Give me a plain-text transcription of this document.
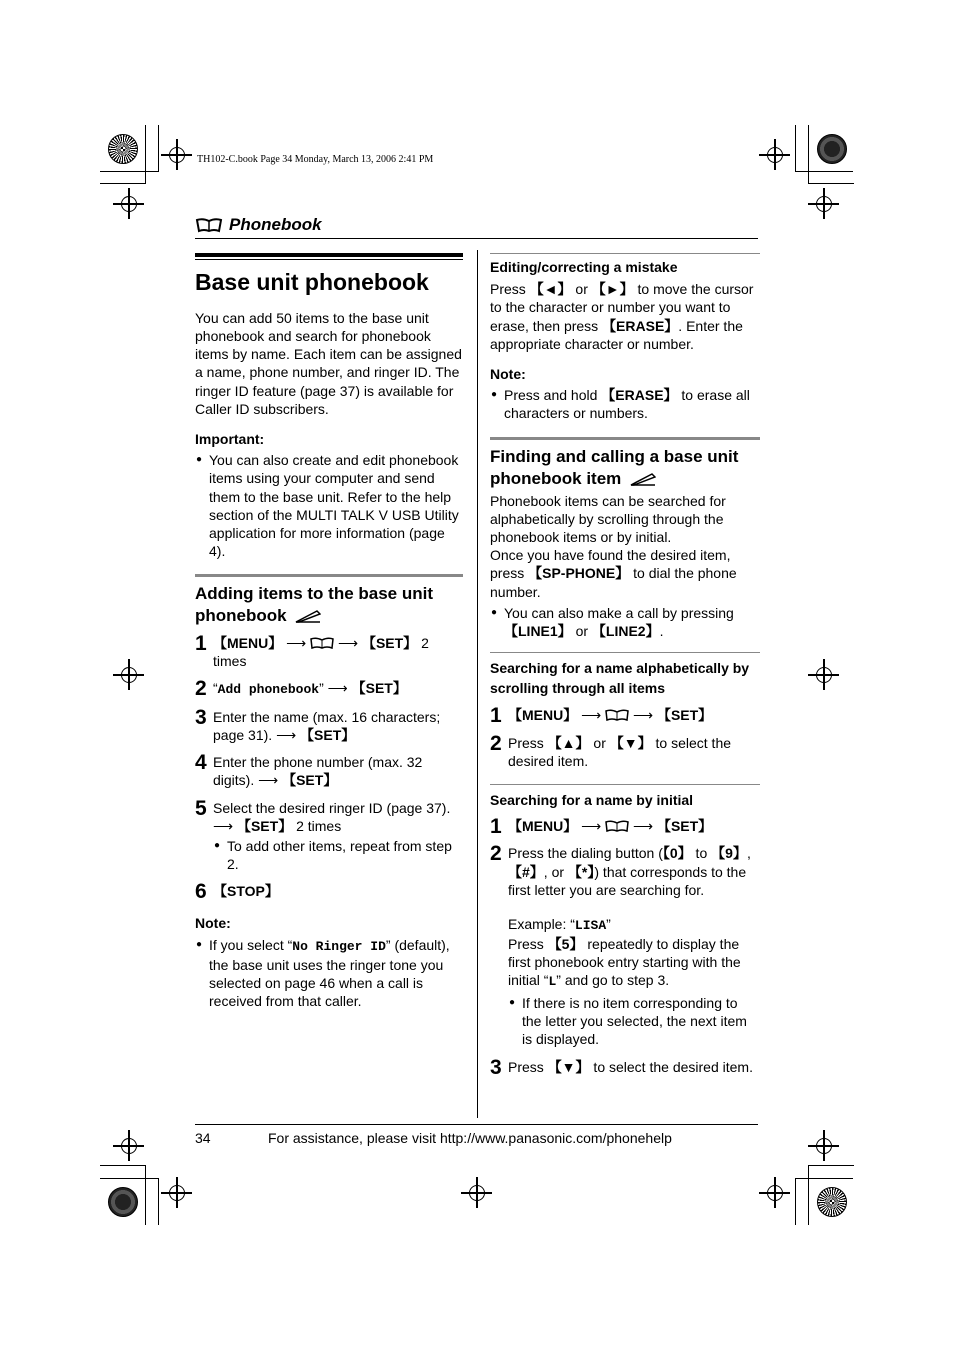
TH102-C.book Page 34 Monday, March 13, 2006 2:41 PM
Phonebook
Base unit phonebook

You can add 50 items to the base unit phonebook and search for phonebook items by name. Each item can be assigned a name, phone number, and ringer ID. The ringer ID feature (page 37) is available for Caller ID subscribers.

Important:

● You can also create and edit phonebook items using your computer and send them to the base unit. Refer to the help section of the MULTI TALK V USB Utility application for more information (page 4).

Adding items to the base unit phonebook
1 【MENU】 ⟶ ⟶ 【SET】 2 times
2 “Add phonebook” ⟶ 【SET】
3 Enter the name (max. 16 characters; page 31). ⟶ 【SET】
4 Enter the phone number (max. 32 digits). ⟶ 【SET】
5 Select the desired ringer ID (page 37).
⟶ 【SET】 2 times

● To add other items, repeat from step 2.

6 【STOP】

Note:

● If you select “No Ringer ID” (default), the base unit uses the ringer tone you selected on page 46 when a call is received from that caller.

Editing/correcting a mistake

Press 【◄】 or 【►】 to move the cursor to the character or number you want to erase, then press 【ERASE】. Enter the appropriate character or number.

Note:

● Press and hold 【ERASE】 to erase all characters or numbers.

Finding and calling a base unit phonebook item

Phonebook items can be searched for alphabetically by scrolling through the phonebook items or by initial.

Once you have found the desired item, press 【SP-PHONE】 to dial the phone number.

● You can also make a call by pressing 【LINE1】 or 【LINE2】.

Searching for a name alphabetically by scrolling through all items
1 【MENU】 ⟶ ⟶ 【SET】
2 Press 【▲】 or 【▼】 to select the desired item.
Searching for a name by initial
1 【MENU】 ⟶ ⟶ 【SET】
2 Press the dialing button (【0】 to 【9】, 【#】, or 【*】) that corresponds to the first letter you are searching for.

Example: “LISA”

Press 【5】 repeatedly to display the first phonebook entry starting with the initial “L” and go to step 3.

● If there is no item corresponding to the letter you selected, the next item is displayed.

3 Press 【▼】 to select the desired item.
34	For assistance, please visit http://www.panasonic.com/phonehelp
